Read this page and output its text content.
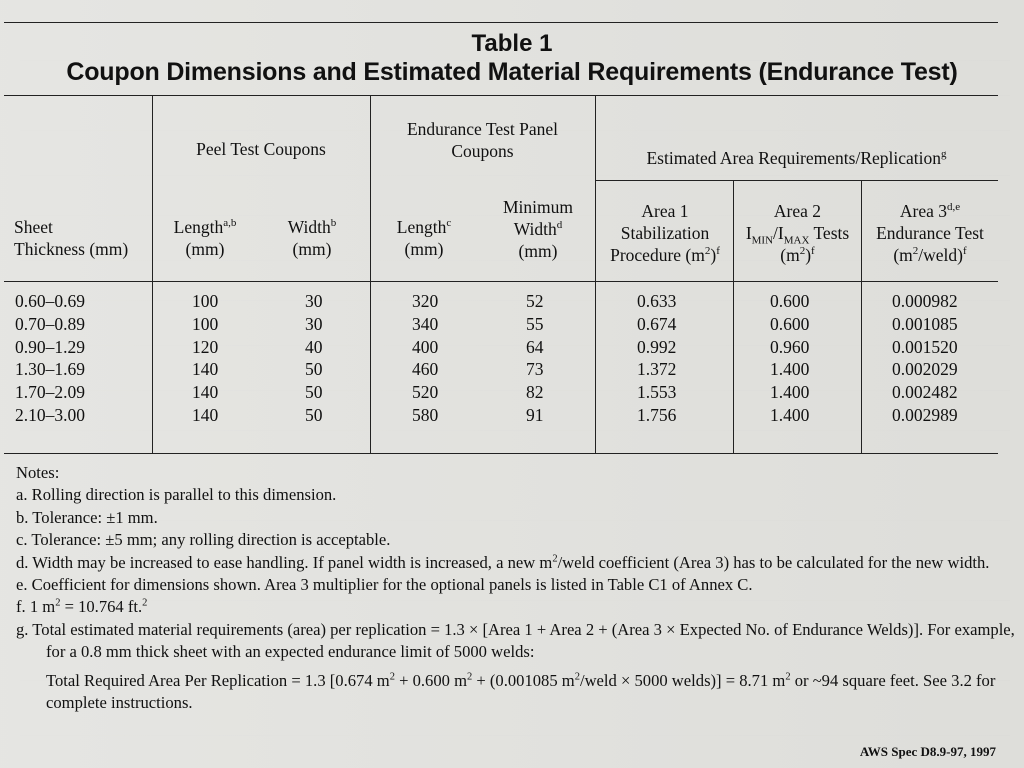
Table 1
Coupon Dimensions and Estimated Material Requirements (Endurance Test)
Peel Test Coupons
Endurance Test Panel
Coupons	Estimated Area Requirements/Replication$^g$
Sheet
Thickness (mm)
Length$^{a,b}$
(mm)
Width$^b$
(mm)
Length$^c$
(mm)
Minimum
Width$^d$
(mm)
Area 1
Stabilization
Procedure $(m^2)^f$
Area 2
$I_{MIN}/I_{MAX}$ Tests
$(m^2)^f$
Area 3$^{d,e}$
Endurance Test
$(m^2/weld)^f$
0.60–0.69
0.70–0.89
0.90–1.29
1.30–1.69
1.70–2.09
2.10–3.00
100
100
120
140
140
140
30
30
40
50
50
50
320
340
400
460
520
580
52
55
64
73
82
91
0.633
0.674
0.992
1.372
1.553
1.756
0.600
0.600
0.960
1.400
1.400
1.400
0.000982
0.001085
0.001520
0.002029
0.002482
0.002989
Notes:
a. Rolling direction is parallel to this dimension.
b. Tolerance: ±1 mm.
c. Tolerance: ±5 mm; any rolling direction is acceptable.
d. Width may be increased to ease handling. If panel width is increased, a new $m^2$/weld coefficient (Area 3) has to be calculated for the new width.
e. Coefficient for dimensions shown. Area 3 multiplier for the optional panels is listed in Table C1 of Annex C.
f. 1 $m^2 = 10.764$ ft.$^2$
g. Total estimated material requirements (area) per replication = 1.3 × [Area 1 + Area 2 + (Area 3 × Expected No. of Endurance Welds)]. For example,
for a 0.8 mm thick sheet with an expected endurance limit of 5000 welds:
Total Required Area Per Replication = 1.3 [0.674 $m^2 + 0.600$ $m^2 + (0.001085$ $m^2$/weld × 5000 welds)] = 8.71 $m^2$ or ~94 square feet. See 3.2 for
complete instructions.
AWS Spec D8.9-97, 1997
